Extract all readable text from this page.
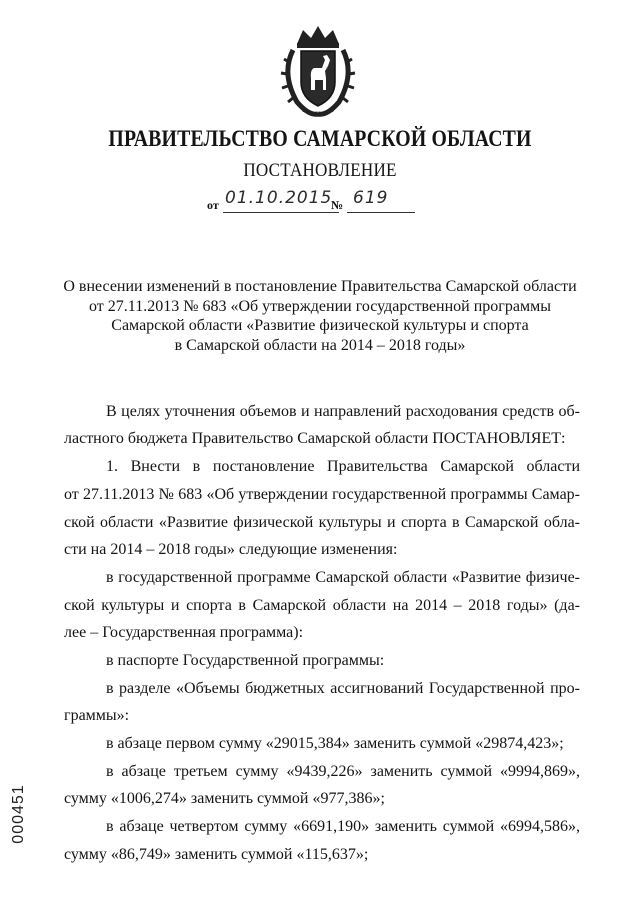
ПРАВИТЕЛЬСТВО САМАРСКОЙ ОБЛАСТИ
ПОСТАНОВЛЕНИЕ
от 01.10.2015
№ 619
О внесении изменений в постановление Правительства Самарской области
от 27.11.2013 № 683 «Об утверждении государственной программы
Самарской области «Развитие физической культуры и спорта
в Самарской области на 2014 – 2018 годы»
В целях уточнения объемов и направлений расходования средств об-
ластного бюджета Правительство Самарской области ПОСТАНОВЛЯЕТ:
1. Внести в постановление Правительства Самарской области
от 27.11.2013 № 683 «Об утверждении государственной программы Самар-
ской области «Развитие физической культуры и спорта в Самарской обла-
сти на 2014 – 2018 годы» следующие изменения:
в государственной программе Самарской области «Развитие физиче-
ской культуры и спорта в Самарской области на 2014 – 2018 годы» (да-
лее – Государственная программа):
в паспорте Государственной программы:
в разделе «Объемы бюджетных ассигнований Государственной про-
граммы»:
в абзаце первом сумму «29015,384» заменить суммой «29874,423»;
в абзаце третьем сумму «9439,226» заменить суммой «9994,869»,
сумму «1006,274» заменить суммой «977,386»;
в абзаце четвертом сумму «6691,190» заменить суммой «6994,586»,
сумму «86,749» заменить суммой «115,637»;
000451
